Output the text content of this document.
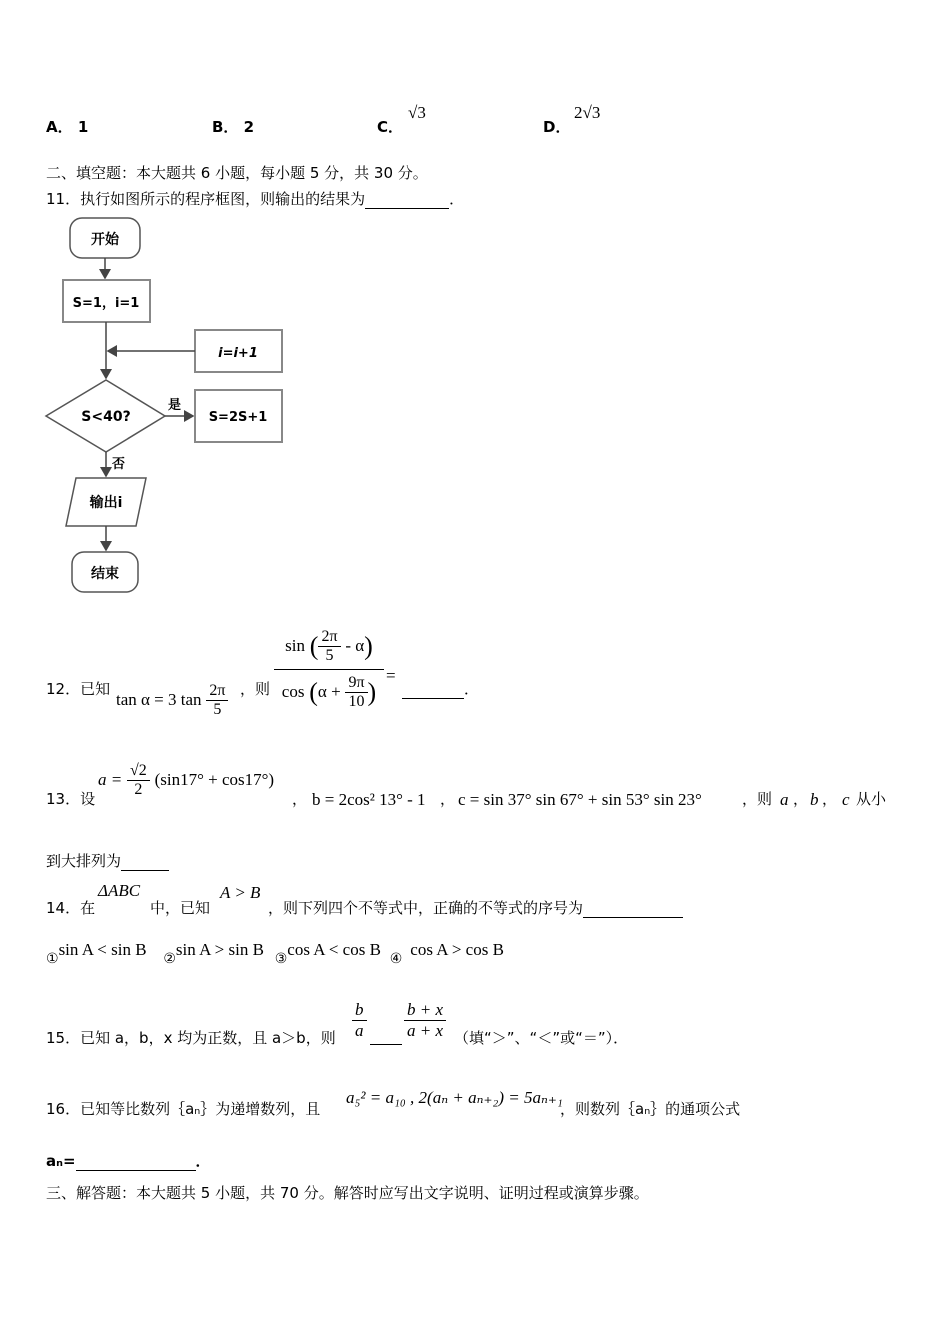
A． 1	B． 2	C．
√3
D．
2√3
二、填空题：本大题共 6 小题，每小题 5 分，共 30 分。
11．执行如图所示的程序框图，则输出的结果为	．
开始
S=1，i=1
i=i+1
S<40?
是
S=2S+1
否
输出i
结束
12．已知
tan α = 3 $\tan \frac{2\pi}{5}$ ，则 $\frac{\sin ( \frac{2\pi}{5} - \alpha)}{\cos (\alpha + \frac{9\pi}{10} )}$ =
．
13．设
$a = \frac{√2}{2} (\sin 17^\circ + \cos 17^\circ)$
， b = 2cos² 13° - 1 ， c = sin 37° sin 67° + sin 53° sin 23°	，则 a ， b ， c 从小
到大排列为
14．在
ΔABC
中，已知
A > B
，则下列四个不等式中，正确的不等式的序号为
①sin A < sin B ②sin A > sin B ③cos A < cos B ④ cos A > cos B
15．已知 a，b，x 均为正数，且 a＞b，则 $\frac{b}{a}$
$\frac{b + x}{a + x}$ （填“＞”、“＜”或“＝”）．
16．已知等比数列｛aₙ｝为递增数列，且
a₅² = a₁₀ , 2(aₙ + aₙ₊₂) = 5aₙ₊₁
，则数列｛aₙ｝的通项公式
aₙ=	．
三、解答题：本大题共 5 小题，共 70 分。解答时应写出文字说明、证明过程或演算步骤。
